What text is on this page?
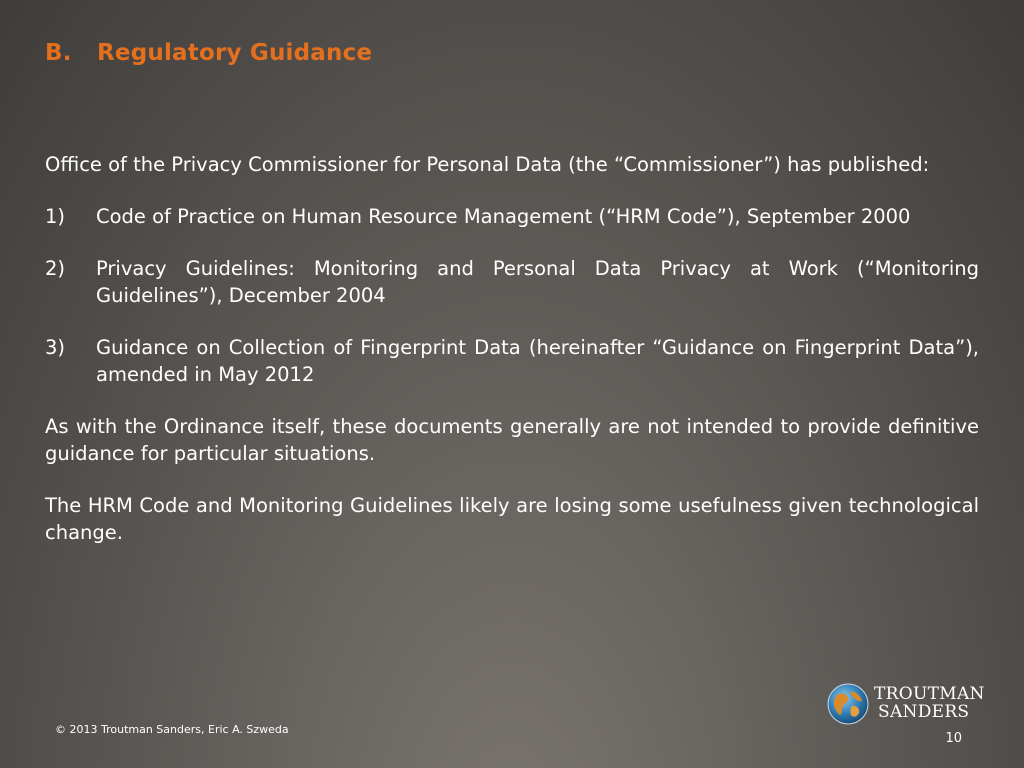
B. Regulatory Guidance

Office of the Privacy Commissioner for Personal Data (the “Commissioner”) has published:

1)	Code of Practice on Human Resource Management (“HRM Code”), September 2000
2)	Privacy Guidelines: Monitoring and Personal Data Privacy at Work (“Monitoring Guidelines”), December 2004
3)	Guidance on Collection of Fingerprint Data (hereinafter “Guidance on Fingerprint Data”), amended in May 2012

As with the Ordinance itself, these documents generally are not intended to provide definitive guidance for particular situations.

The HRM Code and Monitoring Guidelines likely are losing some usefulness given technological change.

© 2013 Troutman Sanders, Eric A. Szweda
TROUTMAN
SANDERS
10
